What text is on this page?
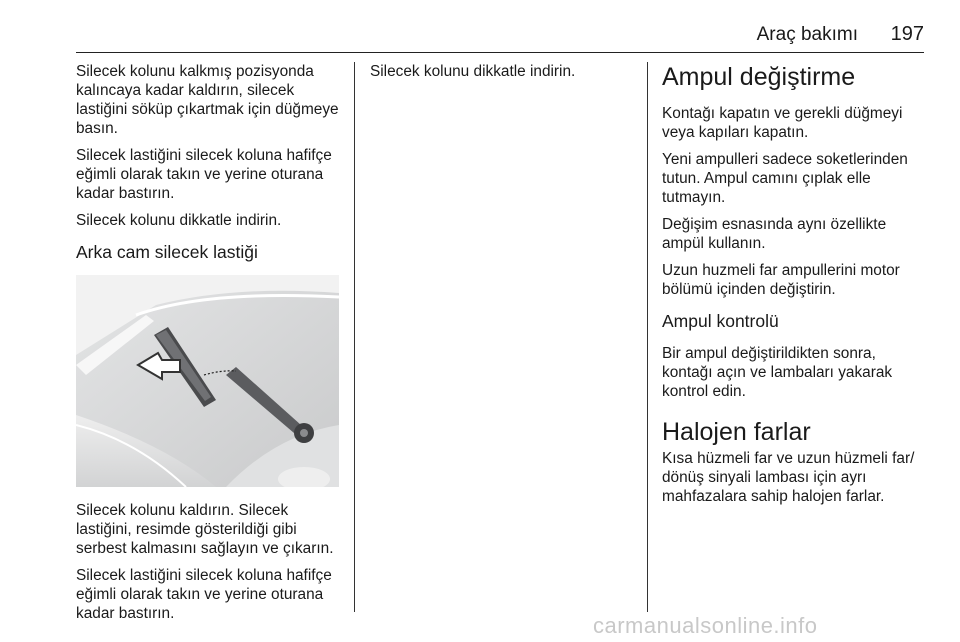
Araç bakımı 197

Silecek kolunu kalkmış pozisyonda kalıncaya kadar kaldırın, silecek lastiğini söküp çıkartmak için düğmeye basın.

Silecek lastiğini silecek koluna hafifçe eğimli olarak takın ve yerine oturana kadar bastırın.

Silecek kolunu dikkatle indirin.

Arka cam silecek lastiği

Silecek kolunu kaldırın. Silecek lastiğini, resimde gösterildiği gibi serbest kalmasını sağlayın ve çıkarın.

Silecek lastiğini silecek koluna hafifçe eğimli olarak takın ve yerine oturana kadar bastırın.

Silecek kolunu dikkatle indirin.	Ampul değiştirme

Kontağı kapatın ve gerekli düğmeyi veya kapıları kapatın.

Yeni ampulleri sadece soketlerinden tutun. Ampul camını çıplak elle tutmayın.

Değişim esnasında aynı özellikte ampül kullanın.

Uzun huzmeli far ampullerini motor bölümü içinden değiştirin.

Ampul kontrolü

Bir ampul değiştirildikten sonra, kontağı açın ve lambaları yakarak kontrol edin.

Halojen farlar

Kısa hüzmeli far ve uzun hüzmeli far/ dönüş sinyali lambası için ayrı mahfazalara sahip halojen farlar.

carmanualsonline.info
